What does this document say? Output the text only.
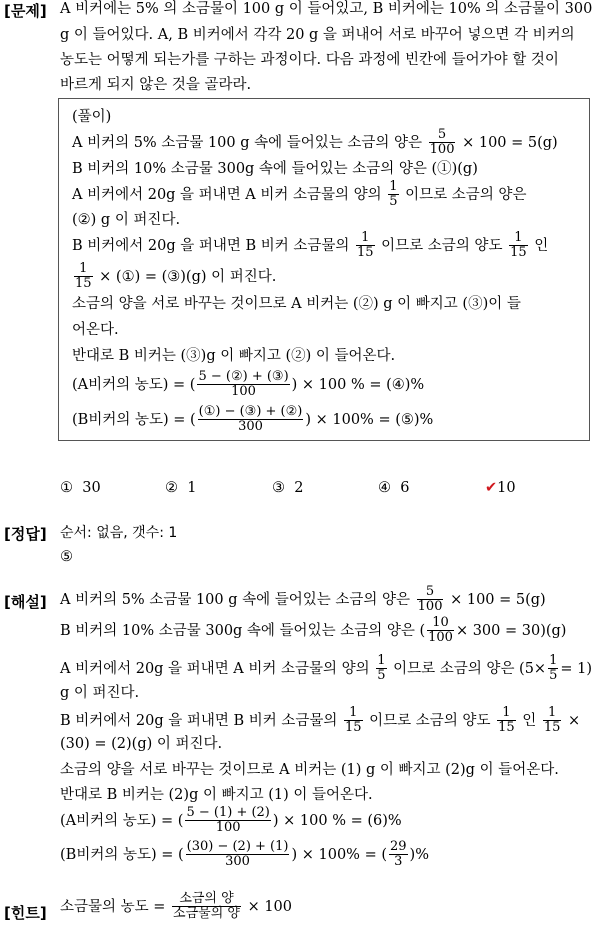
[문제] A 비커에는 5% 의 소금물이 100 g 이 들어있고, B 비커에는 10% 의 소금물이 300
g 이 들어있다. A, B 비커에서 각각 20 g 을 퍼내어 서로 바꾸어 넣으면 각 비커의
농도는 어떻게 되는가를 구하는 과정이다. 다음 과정에 빈칸에 들어가야 할 것이
바르게 되지 않은 것을 골라라.
(풀이)
A 비커의 5% 소금물 100 g 속에 들어있는 소금의 양은 $\frac{5}{100} \times 100 = 5(g)$
B 비커의 10% 소금물 300g 속에 들어있는 소금의 양은 (①)(g)
A 비커에서 20g 을 퍼내면 A 비커 소금물의 양의 $\frac{1}{5}$ 이므로 소금의 양은
(②) g 이 퍼진다.
B 비커에서 20g 을 퍼내면 B 비커 소금물의 $\frac{1}{15}$ 이므로 소금의 양도 $\frac{1}{15}$ 인
$\frac{1}{15}$ × (①) = (③)(g) 이 퍼진다.
소금의 양을 서로 바꾸는 것이므로 A 비커는 (②) g 이 빠지고 (③)이 들
어온다.
반대로 B 비커는 (③)g 이 빠지고 (②) 이 들어온다.
(A비커의 농도) = ( $\frac{\text{5 − (②) + (③)}}{100}$ ) × 100 % = (④)%
(B비커의 농도) = ( $\frac{\text{(①) − (③) + (②)}}{300}$ ) × 100% = (⑤)%
① 30	② 1	③ 2	④ 6	✔10
[정답] 순서: 없음, 갯수: 1
⑤
[해설] A 비커의 5% 소금물 100 g 속에 들어있는 소금의 양은 $\frac{5}{100} \times 100 = 5(g)$
B 비커의 10% 소금물 300g 속에 들어있는 소금의 양은 ( $\frac{10}{100} \times 300 = 30)(g)$
A 비커에서 20g 을 퍼내면 A 비커 소금물의 양의 $\frac{1}{5}$ 이므로 소금의 양은 $(5\times \frac{1}{5} = 1)$
g 이 퍼진다.
B 비커에서 20g 을 퍼내면 B 비커 소금물의 $\frac{1}{15}$ 이므로 소금의 양도 $\frac{1}{15}$ 인 $\frac{1}{15}$ ×
(30) = (2)(g) 이 퍼진다.
소금의 양을 서로 바꾸는 것이므로 A 비커는 (1) g 이 빠지고 (2)g 이 들어온다.
반대로 B 비커는 (2)g 이 빠지고 (1) 이 들어온다.
(A비커의 농도) = ( $\frac{5 - (1) + (2)}{100}$ ) × 100 % = (6)%
(B비커의 농도) = ( $\frac{(30) - (2) + (1)}{300}$ ) × 100% = ( $\frac{29}{3}$ )%
[힌트] 소금물의 농도 = $\frac{\text{소금의 양}}{\text{소금물의 양}} \times 100$
